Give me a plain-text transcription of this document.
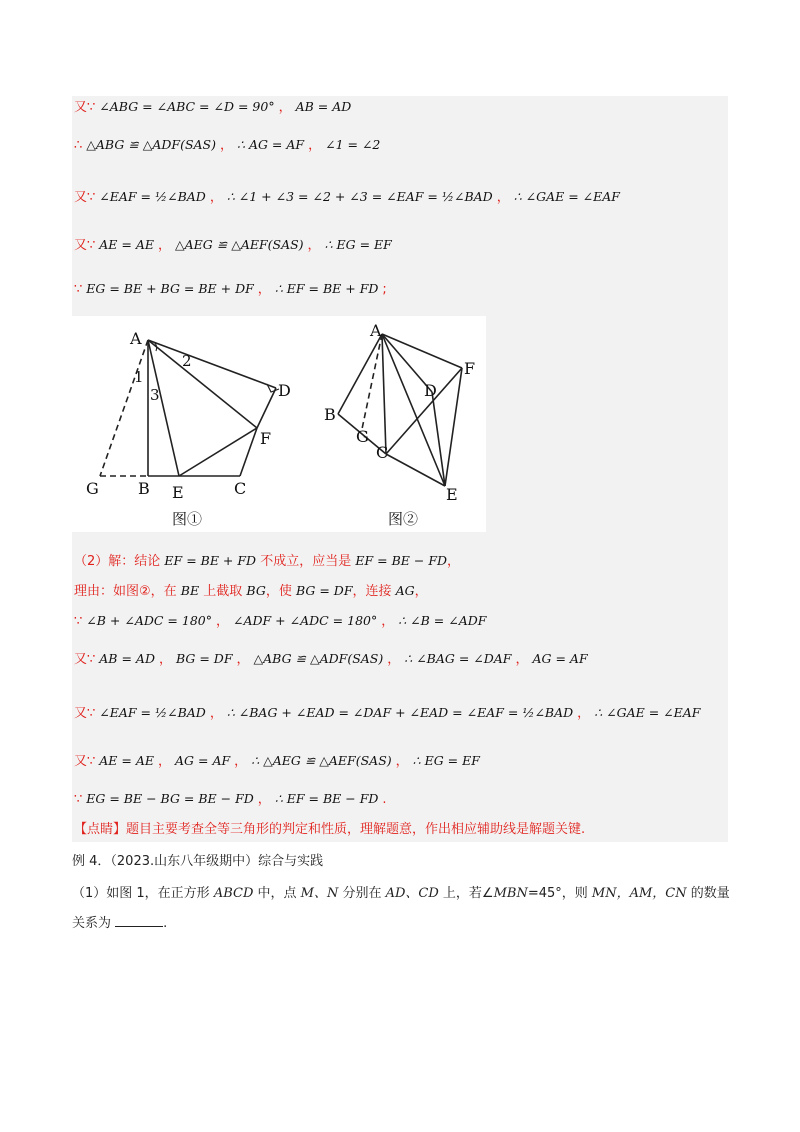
又∵ ∠ABG = ∠ABC = ∠D = 90° ， AB = AD
∴ △ABG ≌ △ADF(SAS) ， ∴ AG = AF ， ∠1 = ∠2
又∵ ∠EAF = ½∠BAD ， ∴ ∠1 + ∠3 = ∠2 + ∠3 = ∠EAF = ½∠BAD ， ∴ ∠GAE = ∠EAF
又∵ AE = AE ， △AEG ≌ △AEF(SAS) ， ∴ EG = EF
∵ EG = BE + BG = BE + DF ， ∴ EF = BE + FD ;
A
1
3
2
D
F
G B E	C
A
F
D
B
G
C
E
图①	图②
（2）解：结论 EF = BE + FD 不成立，应当是 EF = BE − FD，
理由：如图②，在 BE 上截取 BG，使 BG = DF，连接 AG，
∵ ∠B + ∠ADC = 180° ， ∠ADF + ∠ADC = 180° ， ∴ ∠B = ∠ADF
又∵ AB = AD ， BG = DF ， △ABG ≌ △ADF(SAS) ， ∴ ∠BAG = ∠DAF ， AG = AF
又∵ ∠EAF = ½∠BAD ， ∴ ∠BAG + ∠EAD = ∠DAF + ∠EAD = ∠EAF = ½∠BAD ， ∴ ∠GAE = ∠EAF
又∵ AE = AE ， AG = AF ， ∴ △AEG ≌ △AEF(SAS) ， ∴ EG = EF
∵ EG = BE − BG = BE − FD ， ∴ EF = BE − FD .
【点睛】题目主要考查全等三角形的判定和性质，理解题意，作出相应辅助线是解题关键.
例 4．（2023.山东八年级期中）综合与实践
（1）如图 1，在正方形 ABCD 中，点 M、N 分别在 AD、CD 上，若∠MBN=45°，则 MN，AM，CN 的数量
关系为	.
